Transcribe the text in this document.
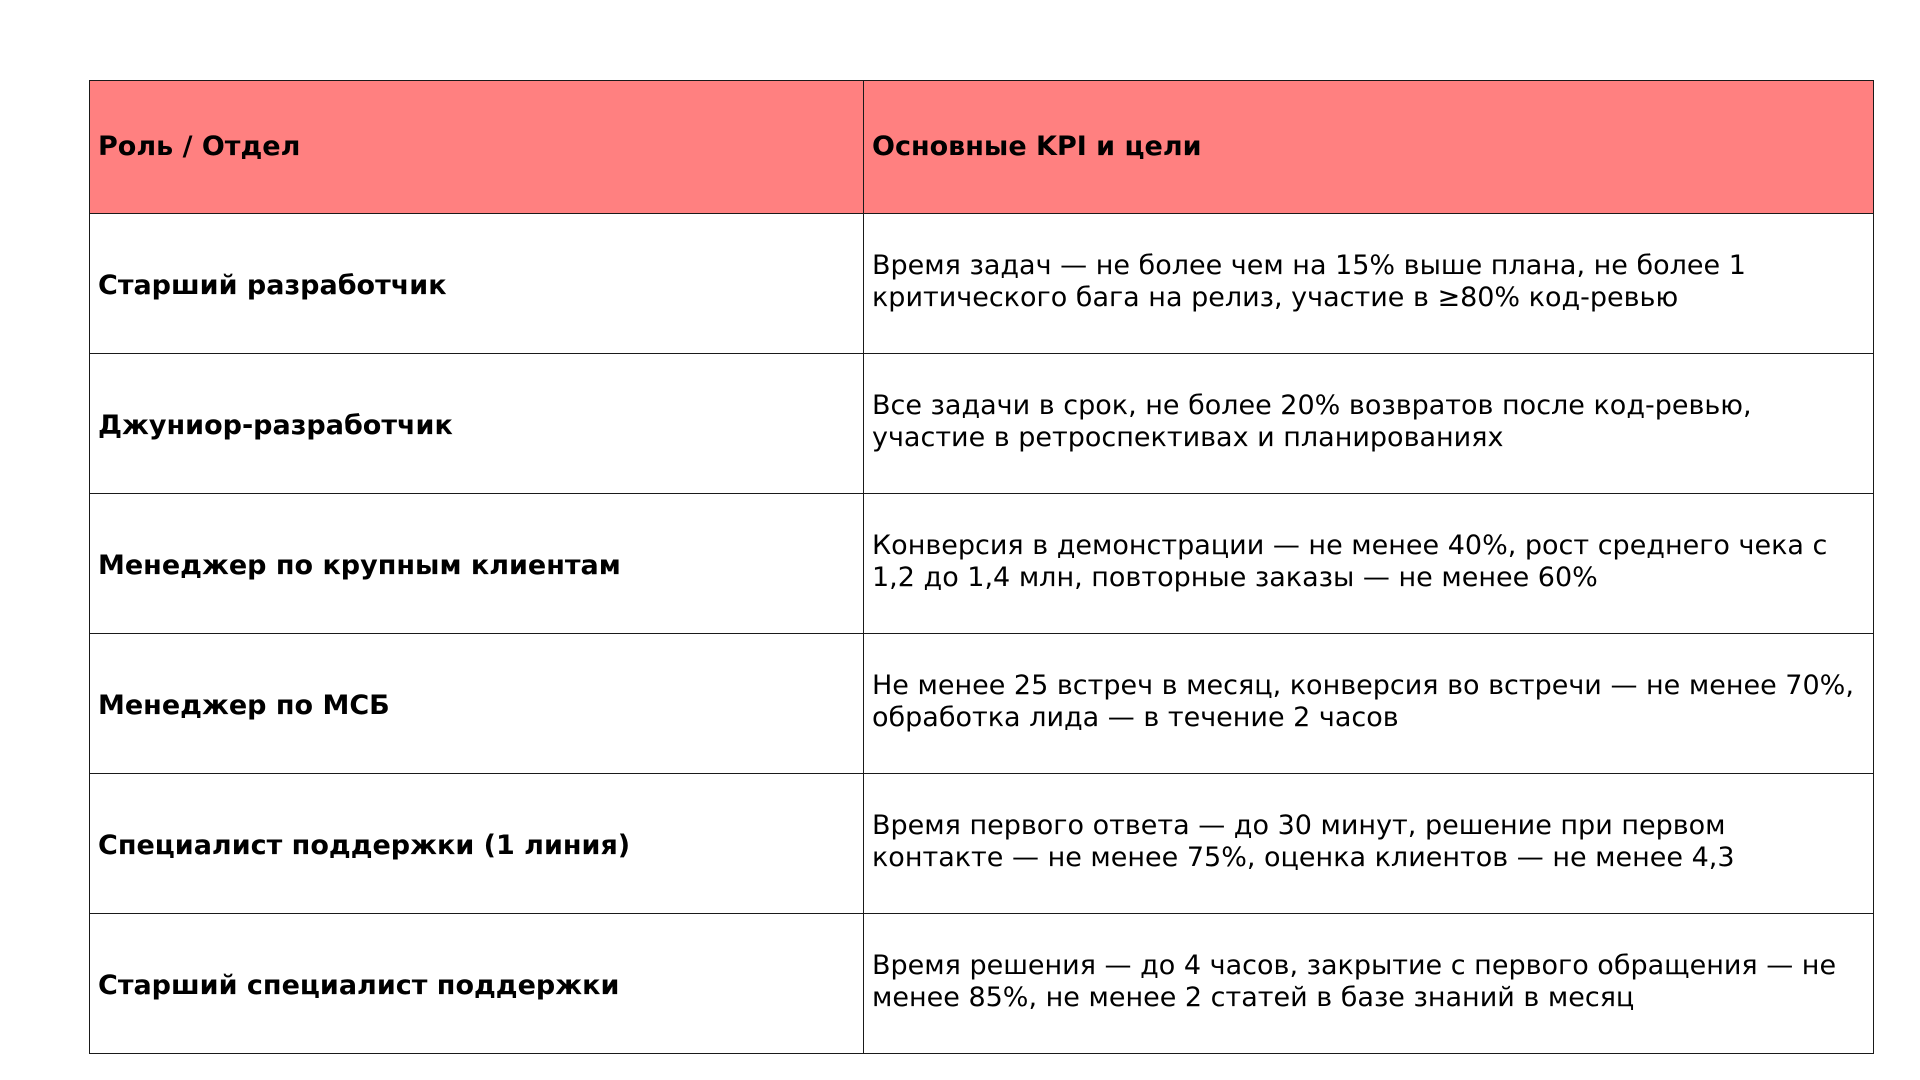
Роль / Отдел	Основные KPI и цели
Старший разработчик	Время задач — не более чем на 15% выше плана, не более 1 критического бага на релиз, участие в ≥80% код-ревью
Джуниор-разработчик	Все задачи в срок, не более 20% возвратов после код-ревью, участие в ретроспективах и планированиях
Менеджер по крупным клиентам	Конверсия в демонстрации — не менее 40%, рост среднего чека с 1,2 до 1,4 млн, повторные заказы — не менее 60%
Менеджер по МСБ	Не менее 25 встреч в месяц, конверсия во встречи — не менее 70%, обработка лида — в течение 2 часов
Специалист поддержки (1 линия)	Время первого ответа — до 30 минут, решение при первом контакте — не менее 75%, оценка клиентов — не менее 4,3
Старший специалист поддержки	Время решения — до 4 часов, закрытие с первого обращения — не менее 85%, не менее 2 статей в базе знаний в месяц
